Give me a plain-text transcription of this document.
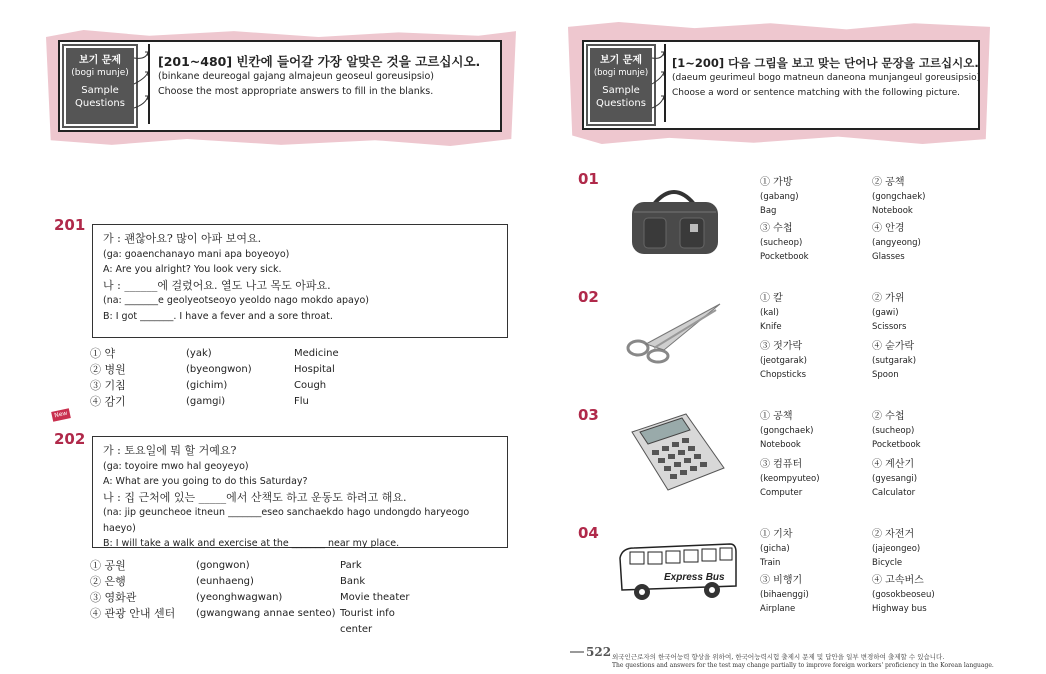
보기 문제
(bogi munje)
Sample
Questions
[201~480] 빈칸에 들어갈 가장 알맞은 것을 고르십시오.
(binkane deureogal gajang almajeun geoseul goreusipsio)
Choose the most appropriate answers to fill in the blanks.
보기 문제
(bogi munje)
Sample
Questions
[1~200] 다음 그림을 보고 맞는 단어나 문장을 고르십시오.
(daeum geurimeul bogo matneun daneona munjangeul goreusipsio)
Choose a word or sentence matching with the following picture.
201
가 : 괜찮아요? 많이 아파 보여요.
(ga: goaenchanayo mani apa boyeoyo)
A: Are you alright? You look very sick.
나 : ______에 걸렸어요. 열도 나고 목도 아파요.
(na: _______e geolyeotseoyo yeoldo nago mokdo apayo)
B: I got _______. I have a fever and a sore throat.
① 약	(yak)	Medicine
② 병원	(byeongwon)	Hospital
③ 기침	(gichim)	Cough
④ 감기	(gamgi)	Flu
New
202
가 : 토요일에 뭐 할 거예요?
(ga: toyoire mwo hal geoyeyo)
A: What are you going to do this Saturday?
나 : 집 근처에 있는 _____에서 산책도 하고 운동도 하려고 해요.
(na: jip geuncheoe itneun _______eseo sanchaekdo hago undongdo haryeogo haeyo)
B: I will take a walk and exercise at the _______ near my place.
① 공원	(gongwon)	Park
② 은행	(eunhaeng)	Bank
③ 영화관	(yeonghwagwan)	Movie theater
④ 관광 안내 센터 (gwangwang annae senteo) Tourist info center
01
02
03
04
Express Bus
① 가방
(gabang)
Bag
② 공책
(gongchaek)
Notebook
③ 수첩
(sucheop)
Pocketbook
④ 안경
(angyeong)
Glasses
① 칼
(kal)
Knife
② 가위
(gawi)
Scissors
③ 젓가락
(jeotgarak)
Chopsticks
④ 숟가락
(sutgarak)
Spoon
① 공책
(gongchaek)
Notebook
② 수첩
(sucheop)
Pocketbook
③ 컴퓨터
(keompyuteo)
Computer
④ 계산기
(gyesangi)
Calculator
① 기차
(gicha)
Train
② 자전거
(jajeongeo)
Bicycle
③ 비행기
(bihaenggi)
Airplane
④ 고속버스
(gosokbeoseu)
Highway bus
522 외국인근로자의 한국어능력 향상을 위하여, 한국어능력시험 출제시 문제 및 답안을 일부 변경하여 출제할 수 있습니다.
The questions and answers for the test may change partially to improve foreign workers' proficiency in the Korean language.
